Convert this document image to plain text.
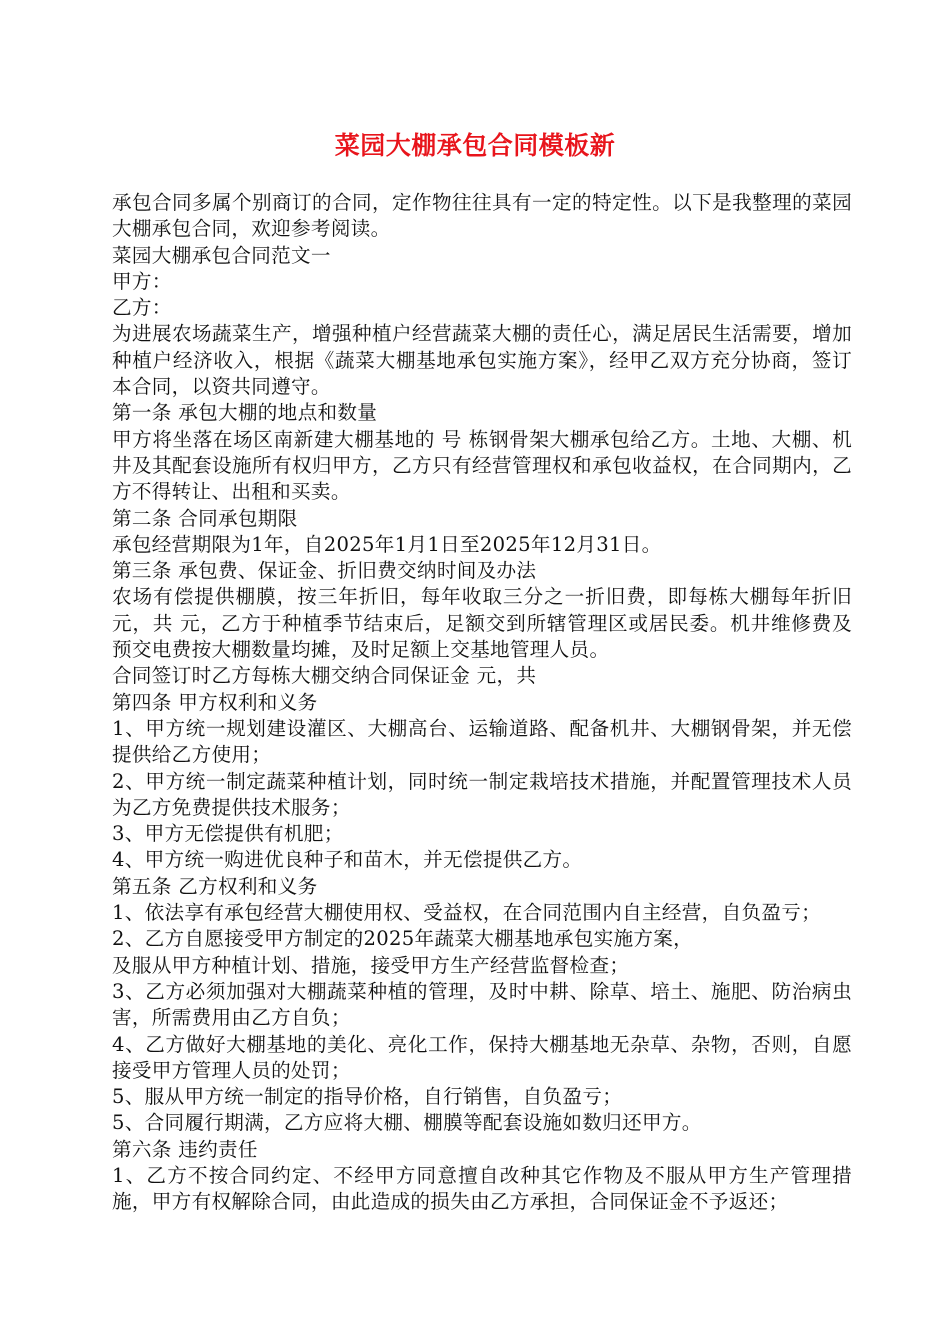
菜园大棚承包合同模板新

承包合同多属个别商订的合同，定作物往往具有一定的特定性。以下是我整理的菜园大棚承包合同，欢迎参考阅读。

菜园大棚承包合同范文一

甲方：

乙方：

为进展农场蔬菜生产，增强种植户经营蔬菜大棚的责任心，满足居民生活需要，增加种植户经济收入，根据《蔬菜大棚基地承包实施方案》，经甲乙双方充分协商，签订本合同，以资共同遵守。

第一条 承包大棚的地点和数量

甲方将坐落在场区南新建大棚基地的 号 栋钢骨架大棚承包给乙方。土地、大棚、机井及其配套设施所有权归甲方，乙方只有经营管理权和承包收益权，在合同期内，乙方不得转让、出租和买卖。

第二条 合同承包期限

承包经营期限为1年，自2025年1月1日至2025年12月31日。

第三条 承包费、保证金、折旧费交纳时间及办法

农场有偿提供棚膜，按三年折旧，每年收取三分之一折旧费，即每栋大棚每年折旧 元，共 元，乙方于种植季节结束后，足额交到所辖管理区或居民委。机井维修费及预交电费按大棚数量均摊，及时足额上交基地管理人员。

合同签订时乙方每栋大棚交纳合同保证金 元，共

第四条 甲方权利和义务

1、甲方统一规划建设灌区、大棚高台、运输道路、配备机井、大棚钢骨架，并无偿提供给乙方使用；

2、甲方统一制定蔬菜种植计划，同时统一制定栽培技术措施，并配置管理技术人员为乙方免费提供技术服务；

3、甲方无偿提供有机肥；

4、甲方统一购进优良种子和苗木，并无偿提供乙方。

第五条 乙方权利和义务

1、依法享有承包经营大棚使用权、受益权，在合同范围内自主经营，自负盈亏；

2、乙方自愿接受甲方制定的2025年蔬菜大棚基地承包实施方案，

及服从甲方种植计划、措施，接受甲方生产经营监督检查；

3、乙方必须加强对大棚蔬菜种植的管理，及时中耕、除草、培土、施肥、防治病虫害，所需费用由乙方自负；

4、乙方做好大棚基地的美化、亮化工作，保持大棚基地无杂草、杂物，否则，自愿接受甲方管理人员的处罚；

5、服从甲方统一制定的指导价格，自行销售，自负盈亏；

5、合同履行期满，乙方应将大棚、棚膜等配套设施如数归还甲方。

第六条 违约责任

1、乙方不按合同约定、不经甲方同意擅自改种其它作物及不服从甲方生产管理措施，甲方有权解除合同，由此造成的损失由乙方承担，合同保证金不予返还；
